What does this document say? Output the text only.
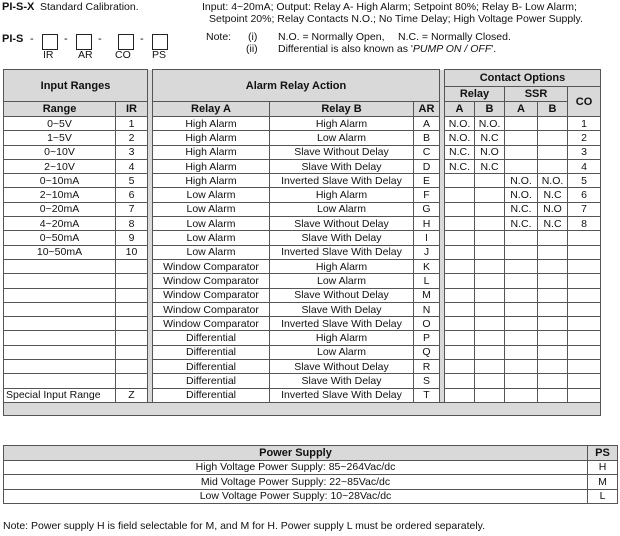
PI-S-X Standard Calibration.	Input: 4~20mA; Output: Relay A- High Alarm; Setpoint 80%; Relay B- Low Alarm;
Setpoint 20%; Relay Contacts N.O.; No Time Delay; High Voltage Power Supply.
PI-S -	-	-	-
IR AR CO PS
Note: (i) N.O. = Normally Open, N.C. = Normally Closed.
(ii) Differential is also known as 'PUMP ON / OFF'.
Input Ranges			Alarm Relay Action				Contact Options				
							Relay		SSR		CO
Range	IR		Relay A	Relay B	AR		A	B	A	B	
0~5V	1		High Alarm	High Alarm	A		N.O.	N.O.			1
1~5V	2		High Alarm	Low Alarm	B		N.O.	N.C			2
0~10V	3		High Alarm	Slave Without Delay	C		N.C.	N.O			3
2~10V	4		High Alarm	Slave With Delay	D		N.C.	N.C			4
0~10mA	5		High Alarm	Inverted Slave With Delay	E				N.O.	N.O.	5
2~10mA	6		Low Alarm	High Alarm	F				N.O.	N.C	6
0~20mA	7		Low Alarm	Low Alarm	G				N.C.	N.O	7
4~20mA	8		Low Alarm	Slave Without Delay	H				N.C.	N.C	8
0~50mA	9		Low Alarm	Slave With Delay	I						
10~50mA	10		Low Alarm	Inverted Slave With Delay	J						
			Window Comparator	High Alarm	K						
			Window Comparator	Low Alarm	L						
			Window Comparator	Slave Without Delay	M						
			Window Comparator	Slave With Delay	N						
			Window Comparator	Inverted Slave With Delay	O						
			Differential	High Alarm	P						
			Differential	Low Alarm	Q						
			Differential	Slave Without Delay	R						
			Differential	Slave With Delay	S						
Special Input Range	Z		Differential	Inverted Slave With Delay	T						

Power Supply	PS
High Voltage Power Supply: 85~264Vac/dc	H
Mid Voltage Power Supply: 22~85Vac/dc	M
Low Voltage Power Supply: 10~28Vac/dc	L
Note: Power supply H is field selectable for M, and M for H. Power supply L must be ordered separately.
